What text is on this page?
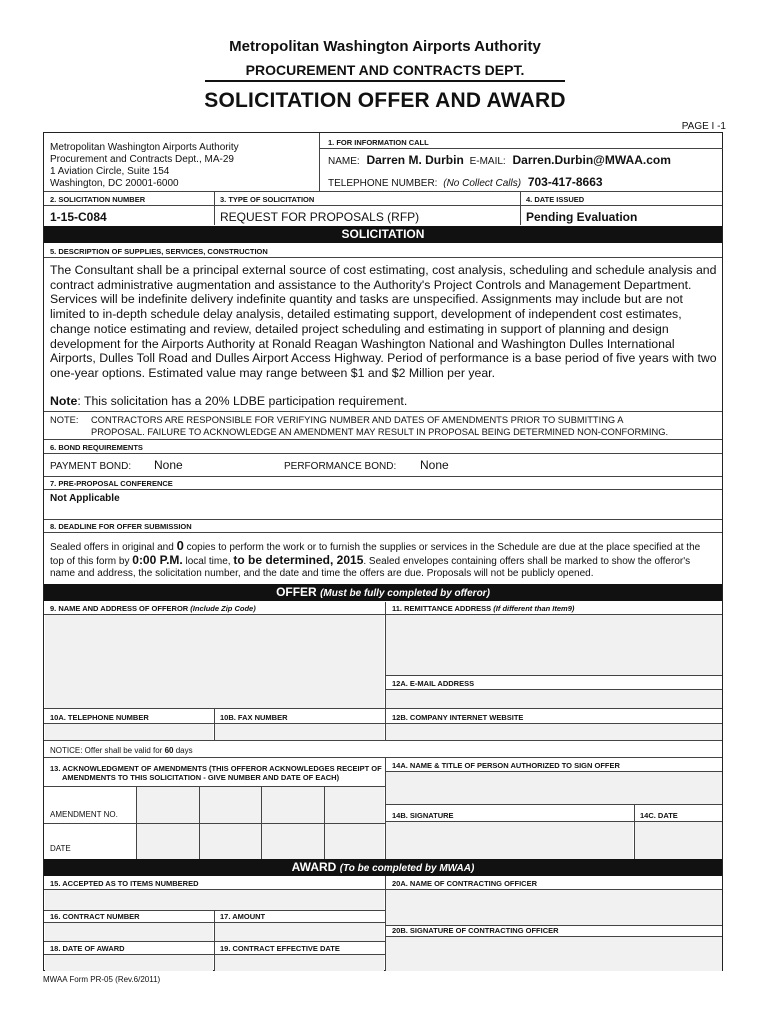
Metropolitan Washington Airports Authority
PROCUREMENT AND CONTRACTS DEPT.
SOLICITATION OFFER AND AWARD
PAGE I -1
Metropolitan Washington Airports Authority
Procurement and Contracts Dept., MA-29
1 Aviation Circle, Suite 154
Washington, DC 20001-6000
1. FOR INFORMATION CALL
NAME: Darren M. Durbin E-MAIL: Darren.Durbin@MWAA.com
TELEPHONE NUMBER: (No Collect Calls) 703-417-8663
2. SOLICITATION NUMBER	3. TYPE OF SOLICITATION	4. DATE ISSUED
1-15-C084	REQUEST FOR PROPOSALS (RFP)	Pending Evaluation
SOLICITATION
5. DESCRIPTION OF SUPPLIES, SERVICES, CONSTRUCTION
The Consultant shall be a principal external source of cost estimating, cost analysis, scheduling and schedule analysis and contract administrative augmentation and assistance to the Authority's Project Controls and Management Department. Services will be indefinite delivery indefinite quantity and tasks are unspecified. Assignments may include but are not limited to in-depth schedule delay analysis, detailed estimating support, development of independent cost estimates, change notice estimating and review, detailed project scheduling and estimating in support of planning and design development for the Airports Authority at Ronald Reagan Washington National and Washington Dulles International Airports, Dulles Toll Road and Dulles Airport Access Highway. Period of performance is a base period of five years with two one-year options. Estimated value may range between $1 and $2 Million per year.
Note: This solicitation has a 20% LDBE participation requirement.
NOTE: CONTRACTORS ARE RESPONSIBLE FOR VERIFYING NUMBER AND DATES OF AMENDMENTS PRIOR TO SUBMITTING A
PROPOSAL. FAILURE TO ACKNOWLEDGE AN AMENDMENT MAY RESULT IN PROPOSAL BEING DETERMINED NON-CONFORMING.
6. BOND REQUIREMENTS
PAYMENT BOND: None	PERFORMANCE BOND: None
7. PRE-PROPOSAL CONFERENCE
Not Applicable
8. DEADLINE FOR OFFER SUBMISSION
Sealed offers in original and 0 copies to perform the work or to furnish the supplies or services in the Schedule are due at the place specified at the
top of this form by 0:00 P.M. local time, to be determined, 2015. Sealed envelopes containing offers shall be marked to show the offeror's
name and address, the solicitation number, and the date and time the offers are due. Proposals will not be publicly opened.
OFFER (Must be fully completed by offeror)
9. NAME AND ADDRESS OF OFFEROR (Include Zip Code)	11. REMITTANCE ADDRESS (If different than Item9)
12A. E-MAIL ADDRESS
10A. TELEPHONE NUMBER	10B. FAX NUMBER	12B. COMPANY INTERNET WEBSITE
NOTICE: Offer shall be valid for 60 days
13. ACKNOWLEDGMENT OF AMENDMENTS (THIS OFFEROR ACKNOWLEDGES RECEIPT OF
AMENDMENTS TO THIS SOLICITATION - GIVE NUMBER AND DATE OF EACH)
14A. NAME & TITLE OF PERSON AUTHORIZED TO SIGN OFFER
AMENDMENT NO.
DATE
14B. SIGNATURE	14C. DATE
AWARD (To be completed by MWAA)
15. ACCEPTED AS TO ITEMS NUMBERED	20A. NAME OF CONTRACTING OFFICER
16. CONTRACT NUMBER	17. AMOUNT
20B. SIGNATURE OF CONTRACTING OFFICER
18. DATE OF AWARD	19. CONTRACT EFFECTIVE DATE
MWAA Form PR-05 (Rev.6/2011)
